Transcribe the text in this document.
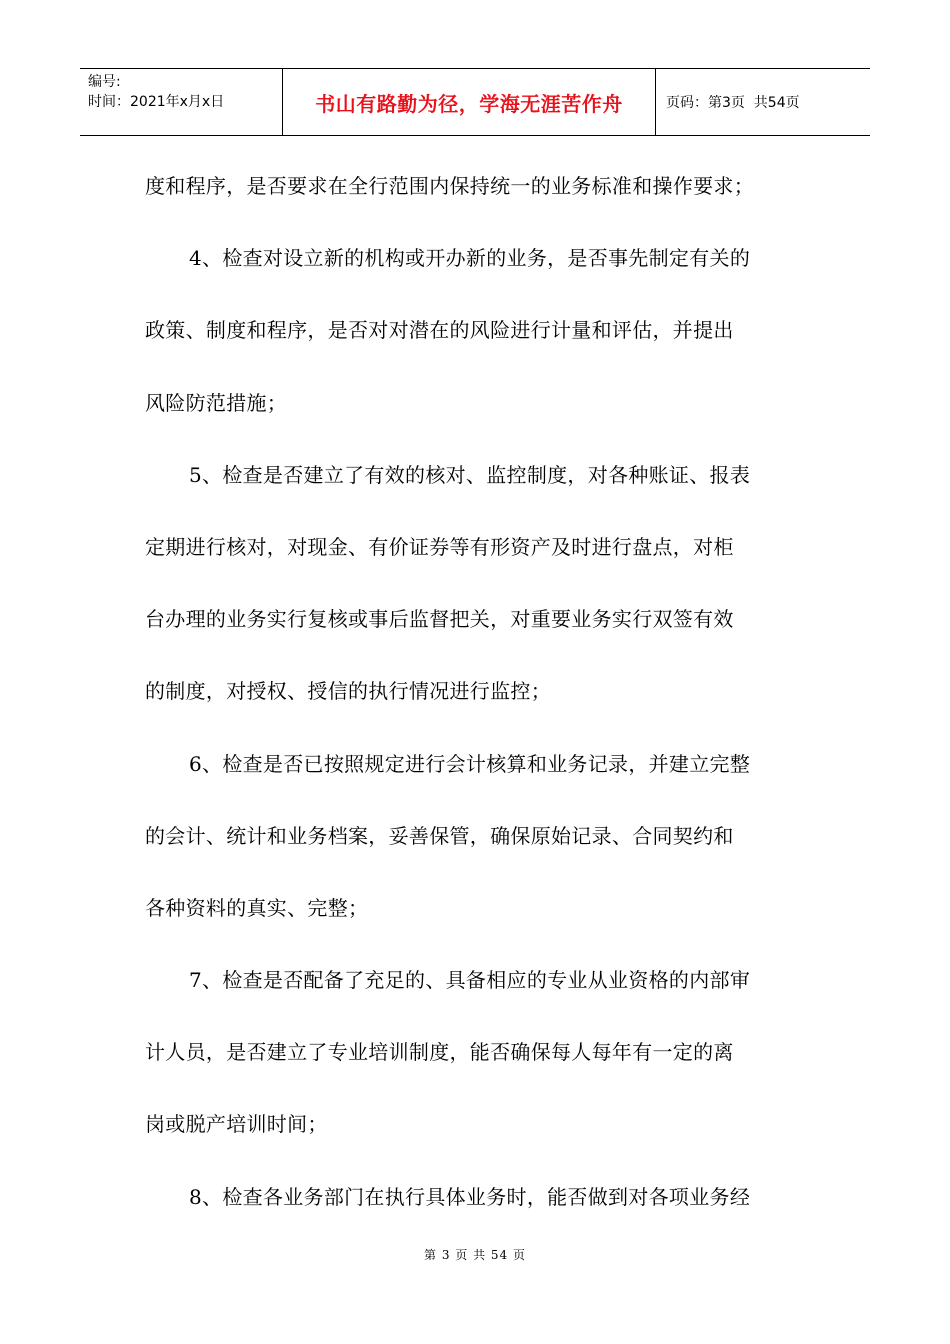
编号:
时间：2021年x月x日	书山有路勤为径，学海无涯苦作舟	页码：第3页  共54页
度和程序，是否要求在全行范围内保持统一的业务标准和操作要求；
4、检查对设立新的机构或开办新的业务，是否事先制定有关的
政策、制度和程序，是否对对潜在的风险进行计量和评估，并提出
风险防范措施；
5、检查是否建立了有效的核对、监控制度，对各种账证、报表
定期进行核对，对现金、有价证券等有形资产及时进行盘点，对柜
台办理的业务实行复核或事后监督把关，对重要业务实行双签有效
的制度，对授权、授信的执行情况进行监控；
6、检查是否已按照规定进行会计核算和业务记录，并建立完整
的会计、统计和业务档案，妥善保管，确保原始记录、合同契约和
各种资料的真实、完整；
7、检查是否配备了充足的、具备相应的专业从业资格的内部审
计人员，是否建立了专业培训制度，能否确保每人每年有一定的离
岗或脱产培训时间；
8、检查各业务部门在执行具体业务时，能否做到对各项业务经
第 3 页 共 54 页
